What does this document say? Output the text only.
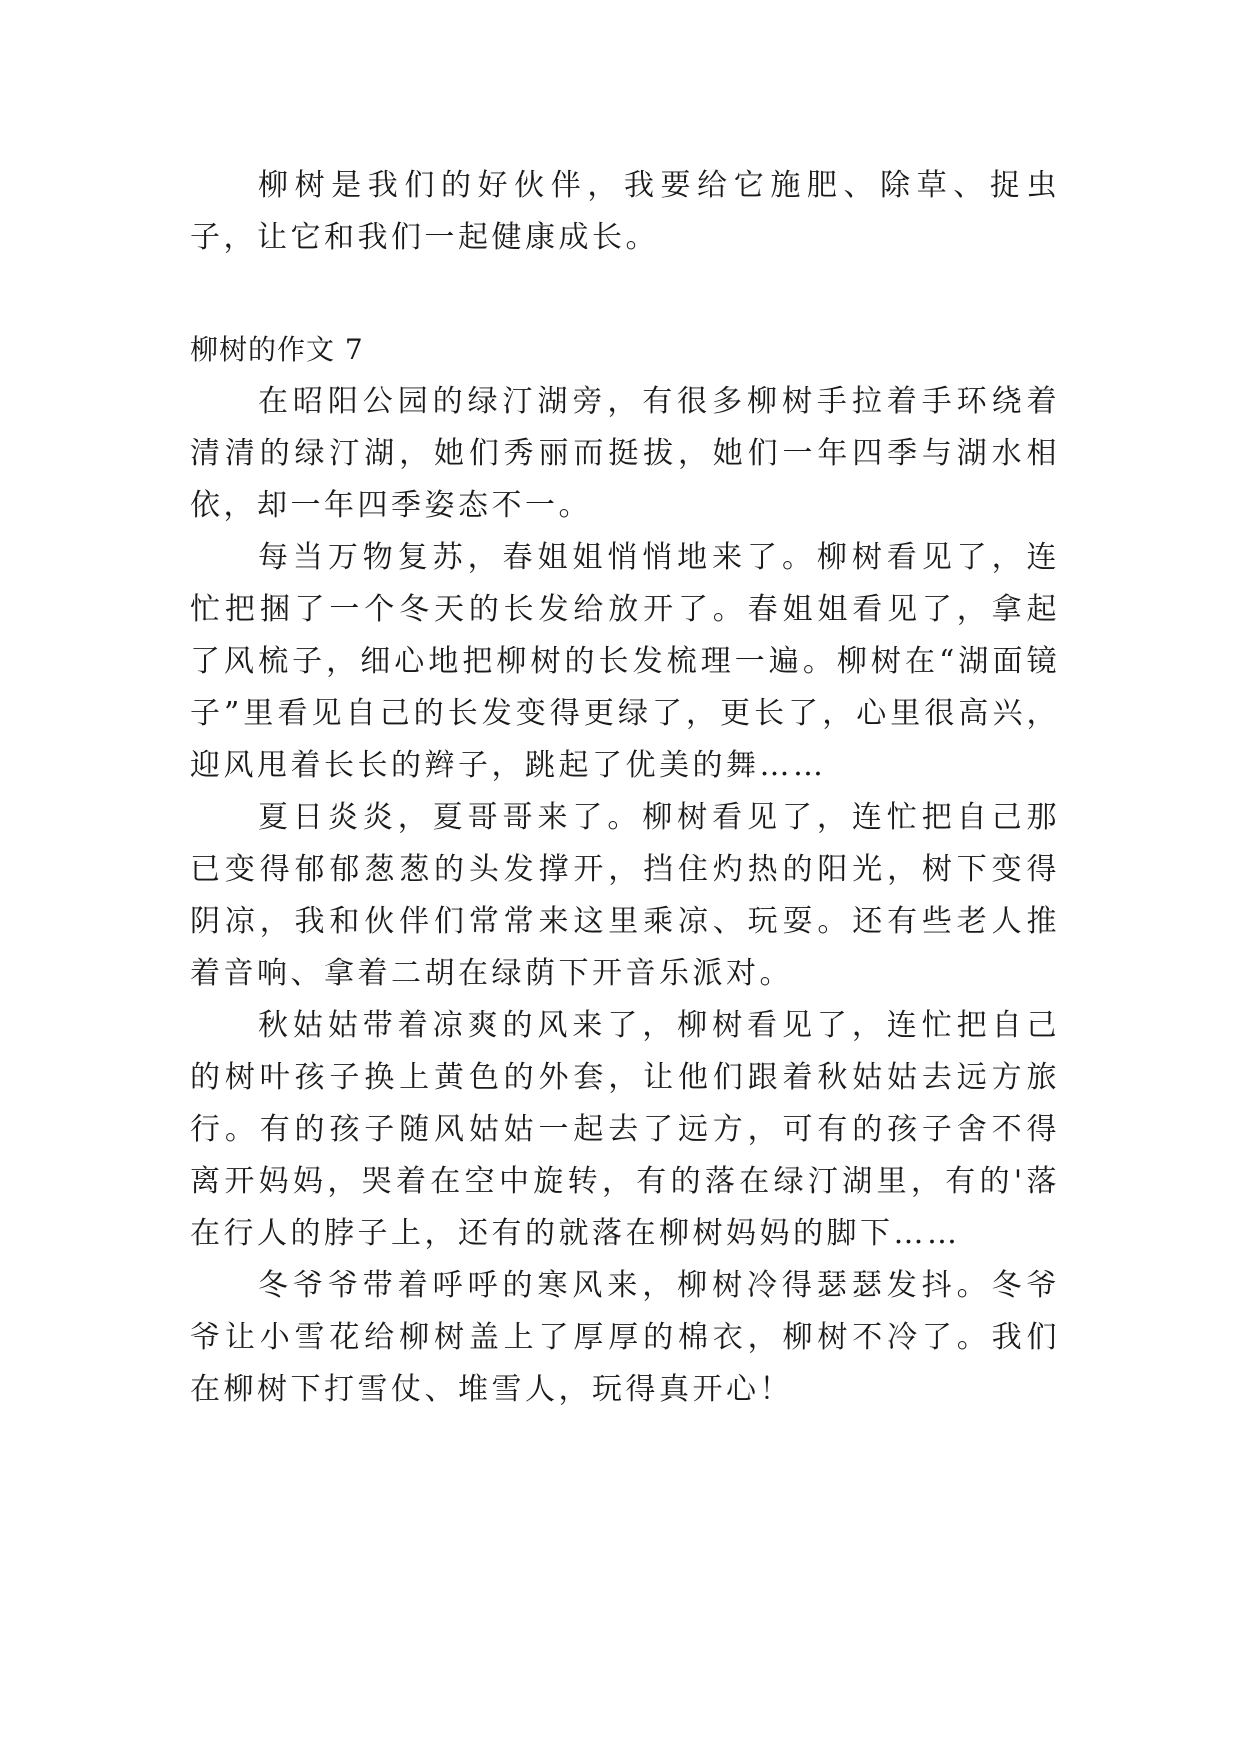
柳树是我们的好伙伴，我要给它施肥、除草、捉虫子，让它和我们一起健康成长。

柳树的作文 7

在昭阳公园的绿汀湖旁，有很多柳树手拉着手环绕着清清的绿汀湖，她们秀丽而挺拔，她们一年四季与湖水相依，却一年四季姿态不一。

每当万物复苏，春姐姐悄悄地来了。柳树看见了，连忙把捆了一个冬天的长发给放开了。春姐姐看见了，拿起了风梳子，细心地把柳树的长发梳理一遍。柳树在“湖面镜子”里看见自己的长发变得更绿了，更长了，心里很高兴，迎风甩着长长的辫子，跳起了优美的舞……

夏日炎炎，夏哥哥来了。柳树看见了，连忙把自己那已变得郁郁葱葱的头发撑开，挡住灼热的阳光，树下变得阴凉，我和伙伴们常常来这里乘凉、玩耍。还有些老人推着音响、拿着二胡在绿荫下开音乐派对。

秋姑姑带着凉爽的风来了，柳树看见了，连忙把自己的树叶孩子换上黄色的外套，让他们跟着秋姑姑去远方旅行。有的孩子随风姑姑一起去了远方，可有的孩子舍不得离开妈妈，哭着在空中旋转，有的落在绿汀湖里，有的'落在行人的脖子上，还有的就落在柳树妈妈的脚下……

冬爷爷带着呼呼的寒风来，柳树冷得瑟瑟发抖。冬爷爷让小雪花给柳树盖上了厚厚的棉衣，柳树不冷了。我们在柳树下打雪仗、堆雪人，玩得真开心！
